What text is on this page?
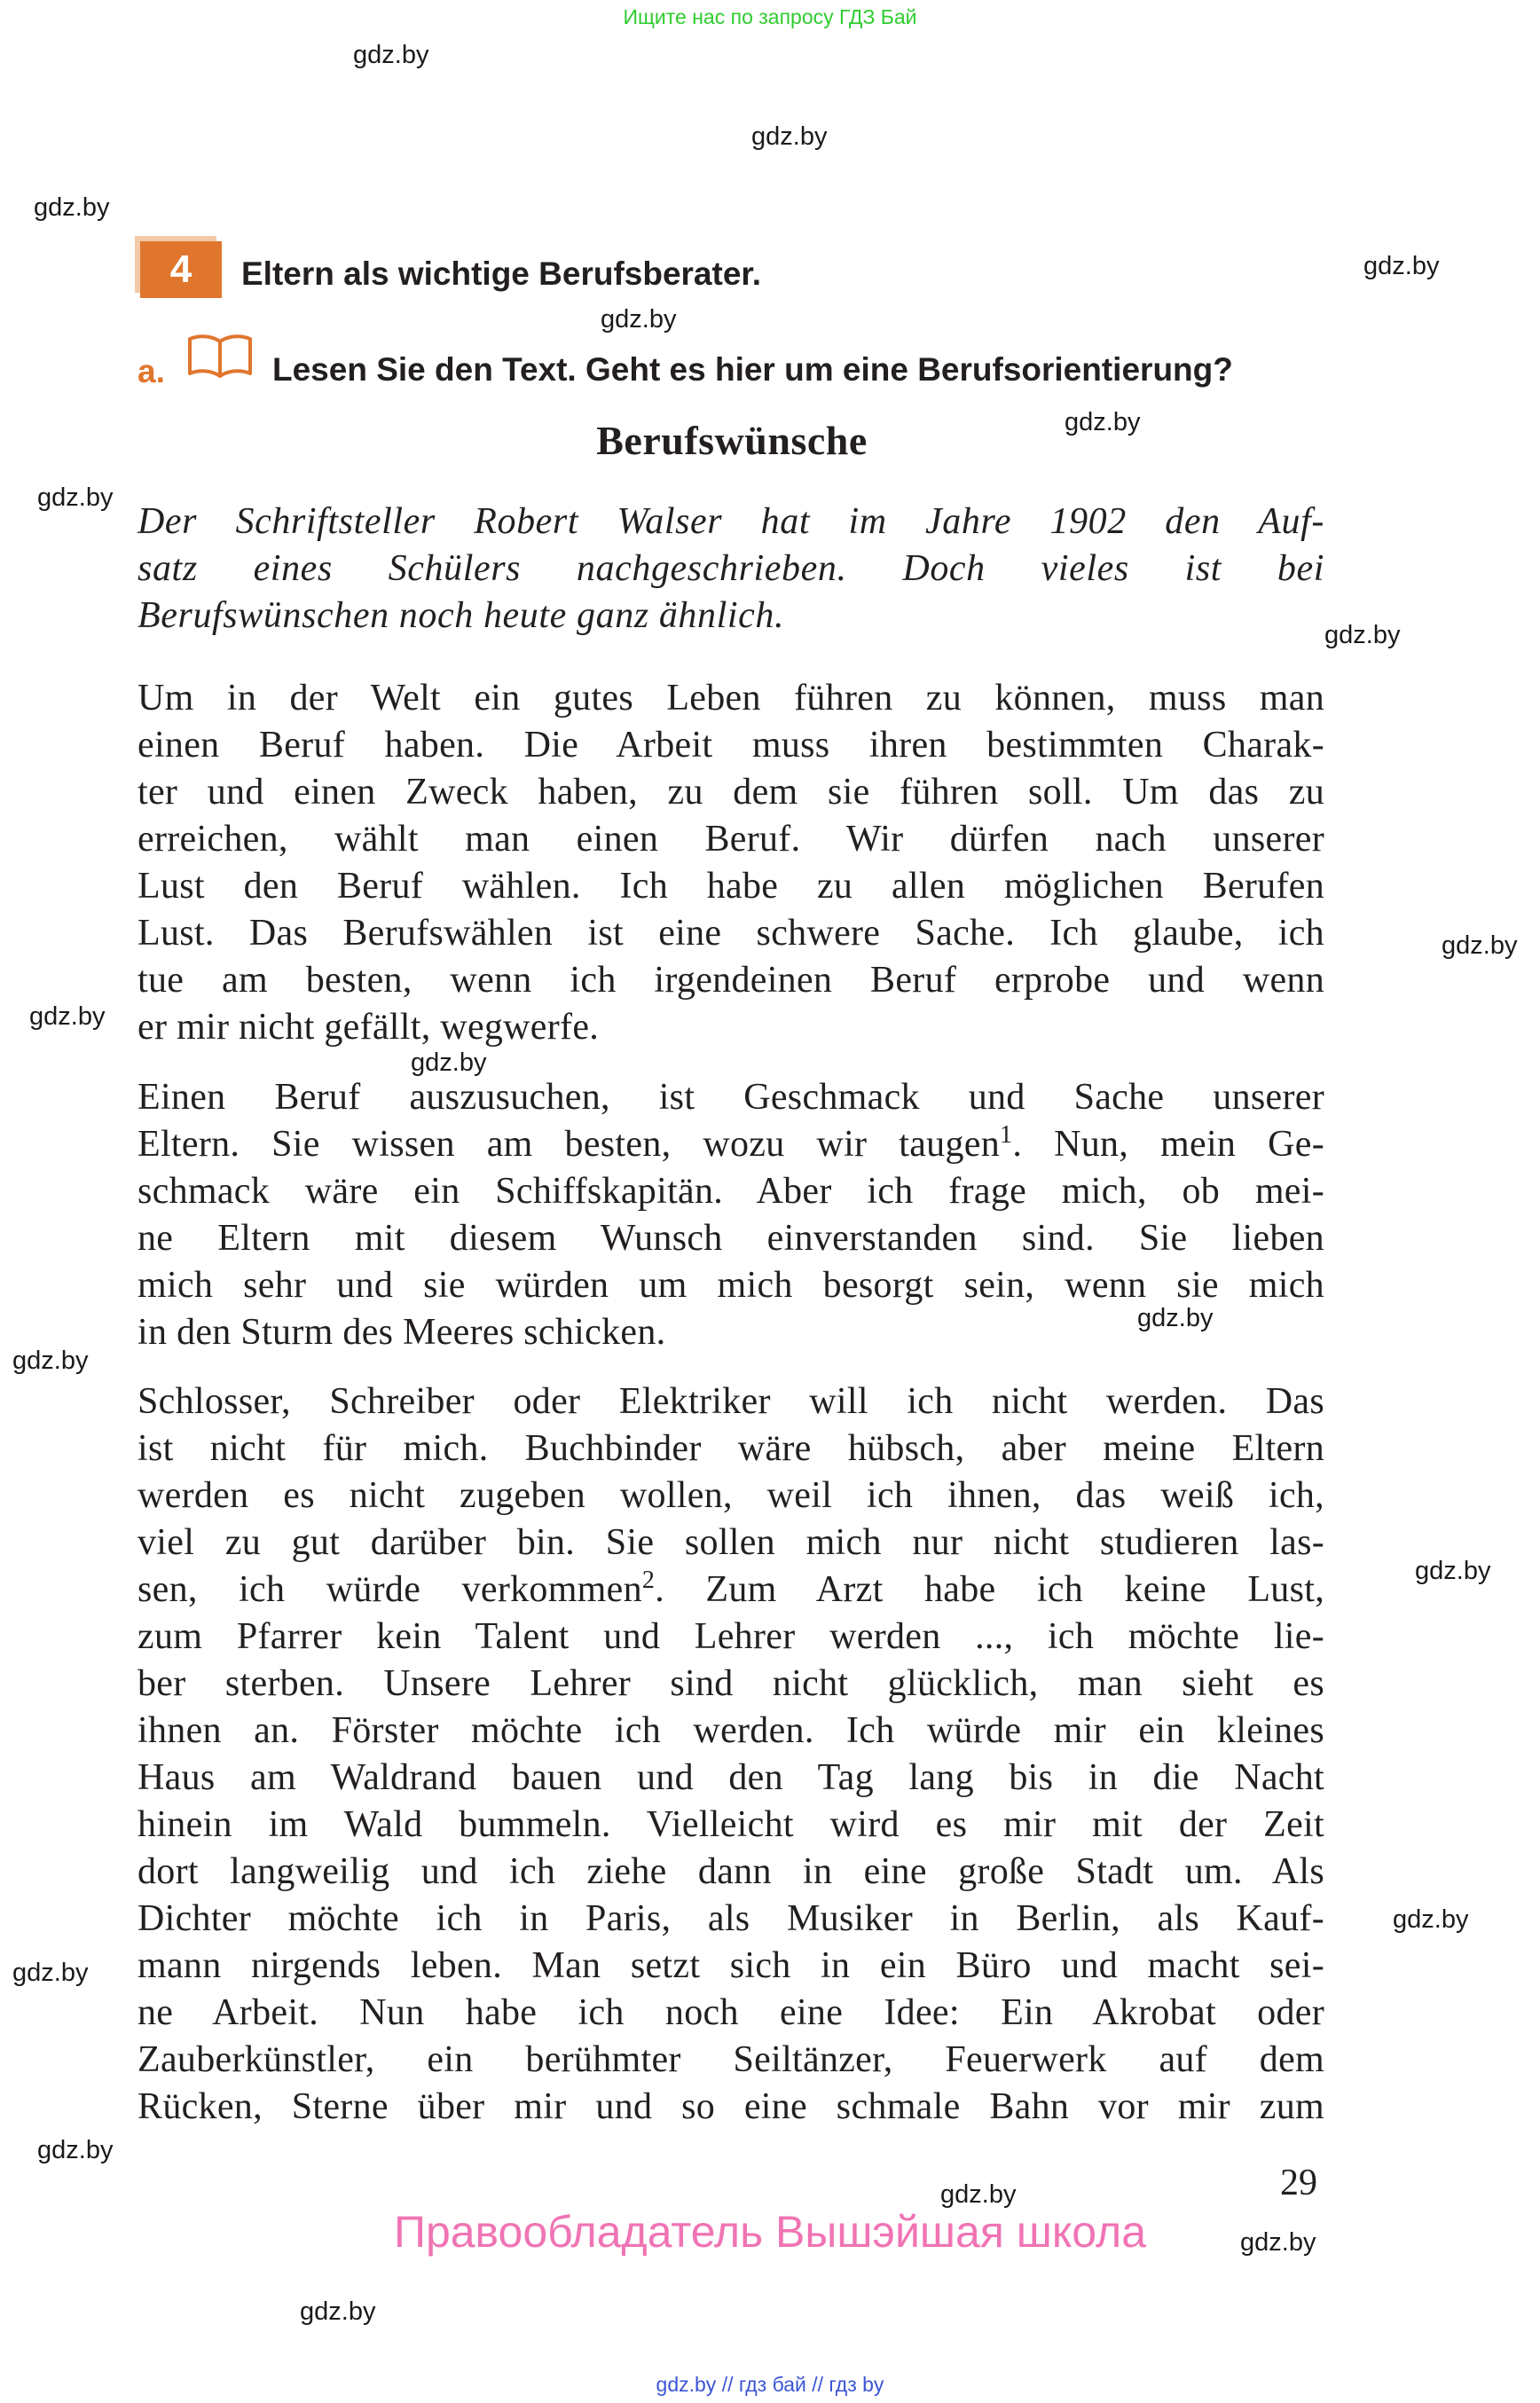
Ищите нас по запросу ГДЗ Бай
gdz.by
gdz.by
gdz.by
gdz.by
gdz.by
gdz.by
gdz.by
gdz.by
gdz.by
gdz.by
gdz.by
gdz.by
gdz.by
gdz.by
gdz.by
gdz.by
gdz.by
gdz.by
gdz.by
gdz.by
4	Eltern als wichtige Berufsberater.
a.	Lesen Sie den Text. Geht es hier um eine Berufsorientierung?
Berufswünsche
Der Schriftsteller Robert Walser hat im Jahre 1902 den Auf-
satz eines Schülers nachgeschrieben. Doch vieles ist bei
Berufswünschen noch heute ganz ähnlich.
Um in der Welt ein gutes Leben führen zu können, muss man
einen Beruf haben. Die Arbeit muss ihren bestimmten Charak-
ter und einen Zweck haben, zu dem sie führen soll. Um das zu
erreichen, wählt man einen Beruf. Wir dürfen nach unserer
Lust den Beruf wählen. Ich habe zu allen möglichen Berufen
Lust. Das Berufswählen ist eine schwere Sache. Ich glaube, ich
tue am besten, wenn ich irgendeinen Beruf erprobe und wenn
er mir nicht gefällt, wegwerfe.
Einen Beruf auszusuchen, ist Geschmack und Sache unserer
Eltern. Sie wissen am besten, wozu wir taugen$^1$. Nun, mein Ge-
schmack wäre ein Schiffskapitän. Aber ich frage mich, ob mei-
ne Eltern mit diesem Wunsch einverstanden sind. Sie lieben
mich sehr und sie würden um mich besorgt sein, wenn sie mich
in den Sturm des Meeres schicken.
Schlosser, Schreiber oder Elektriker will ich nicht werden. Das
ist nicht für mich. Buchbinder wäre hübsch, aber meine Eltern
werden es nicht zugeben wollen, weil ich ihnen, das weiß ich,
viel zu gut darüber bin. Sie sollen mich nur nicht studieren las-
sen, ich würde verkommen$^2$. Zum Arzt habe ich keine Lust,
zum Pfarrer kein Talent und Lehrer werden ..., ich möchte lie-
ber sterben. Unsere Lehrer sind nicht glücklich, man sieht es
ihnen an. Förster möchte ich werden. Ich würde mir ein kleines
Haus am Waldrand bauen und den Tag lang bis in die Nacht
hinein im Wald bummeln. Vielleicht wird es mir mit der Zeit
dort langweilig und ich ziehe dann in eine große Stadt um. Als
Dichter möchte ich in Paris, als Musiker in Berlin, als Kauf-
mann nirgends leben. Man setzt sich in ein Büro und macht sei-
ne Arbeit. Nun habe ich noch eine Idee: Ein Akrobat oder
Zauberkünstler, ein berühmter Seiltänzer, Feuerwerk auf dem
Rücken, Sterne über mir und so eine schmale Bahn vor mir zum
29
Правообладатель Вышэйшая школа
gdz.by // гдз бай // гдз by
